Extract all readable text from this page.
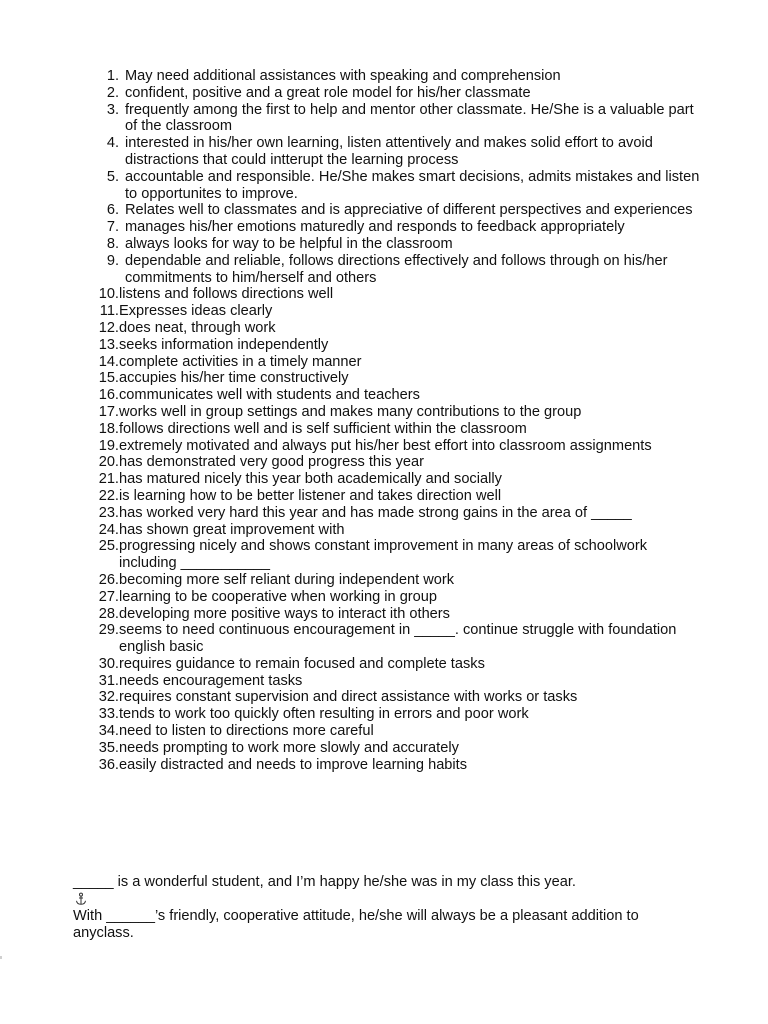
1. May need additional assistances with speaking and comprehension
2. confident, positive and a great role model for his/her classmate
3. frequently among the first to help and mentor other classmate. He/She is a valuable part of the classroom
4. interested in his/her own learning, listen attentively and makes solid effort to avoid distractions that could intterupt the learning process
5. accountable and responsible. He/She makes smart decisions, admits mistakes and listen to opportunites to improve.
6. Relates well to classmates and is appreciative of different perspectives and experiences
7. manages his/her emotions maturedly and responds to feedback appropriately
8. always looks for way to be helpful in the classroom
9. dependable and reliable, follows directions effectively and follows through on his/her commitments to him/herself and others
10. listens and follows directions well
11. Expresses ideas clearly
12. does neat, through work
13. seeks information independently
14. complete activities in a timely manner
15. accupies his/her time constructively
16. communicates well with students and teachers
17. works well in group settings and makes many contributions to the group
18. follows directions well and is self sufficient within the classroom
19. extremely motivated and always put his/her best effort into classroom assignments
20. has demonstrated very good progress this year
21. has matured nicely this year both academically and socially
22. is learning how to be better listener and takes direction well
23. has worked very hard this year and has made strong gains in the area of _____
24. has shown great improvement with
25. progressing nicely and shows constant improvement in many areas of schoolwork including ___________
26. becoming more self reliant during independent work
27. learning to be cooperative when working in group
28. developing more positive ways to interact ith others
29. seems to need continuous encouragement in _____. continue struggle with foundation english basic
30. requires guidance to remain focused and complete tasks
31. needs encouragement tasks
32. requires constant supervision and direct assistance with works or tasks
33. tends to work too quickly often resulting in errors and poor work
34. need to listen to directions more careful
35. needs prompting to work more slowly and accurately
36. easily distracted and needs to improve learning habits

_____ is a wonderful student, and I’m happy he/she was in my class this year.

With ______’s friendly, cooperative attitude, he/she will always be a pleasant addition to anyclass.
